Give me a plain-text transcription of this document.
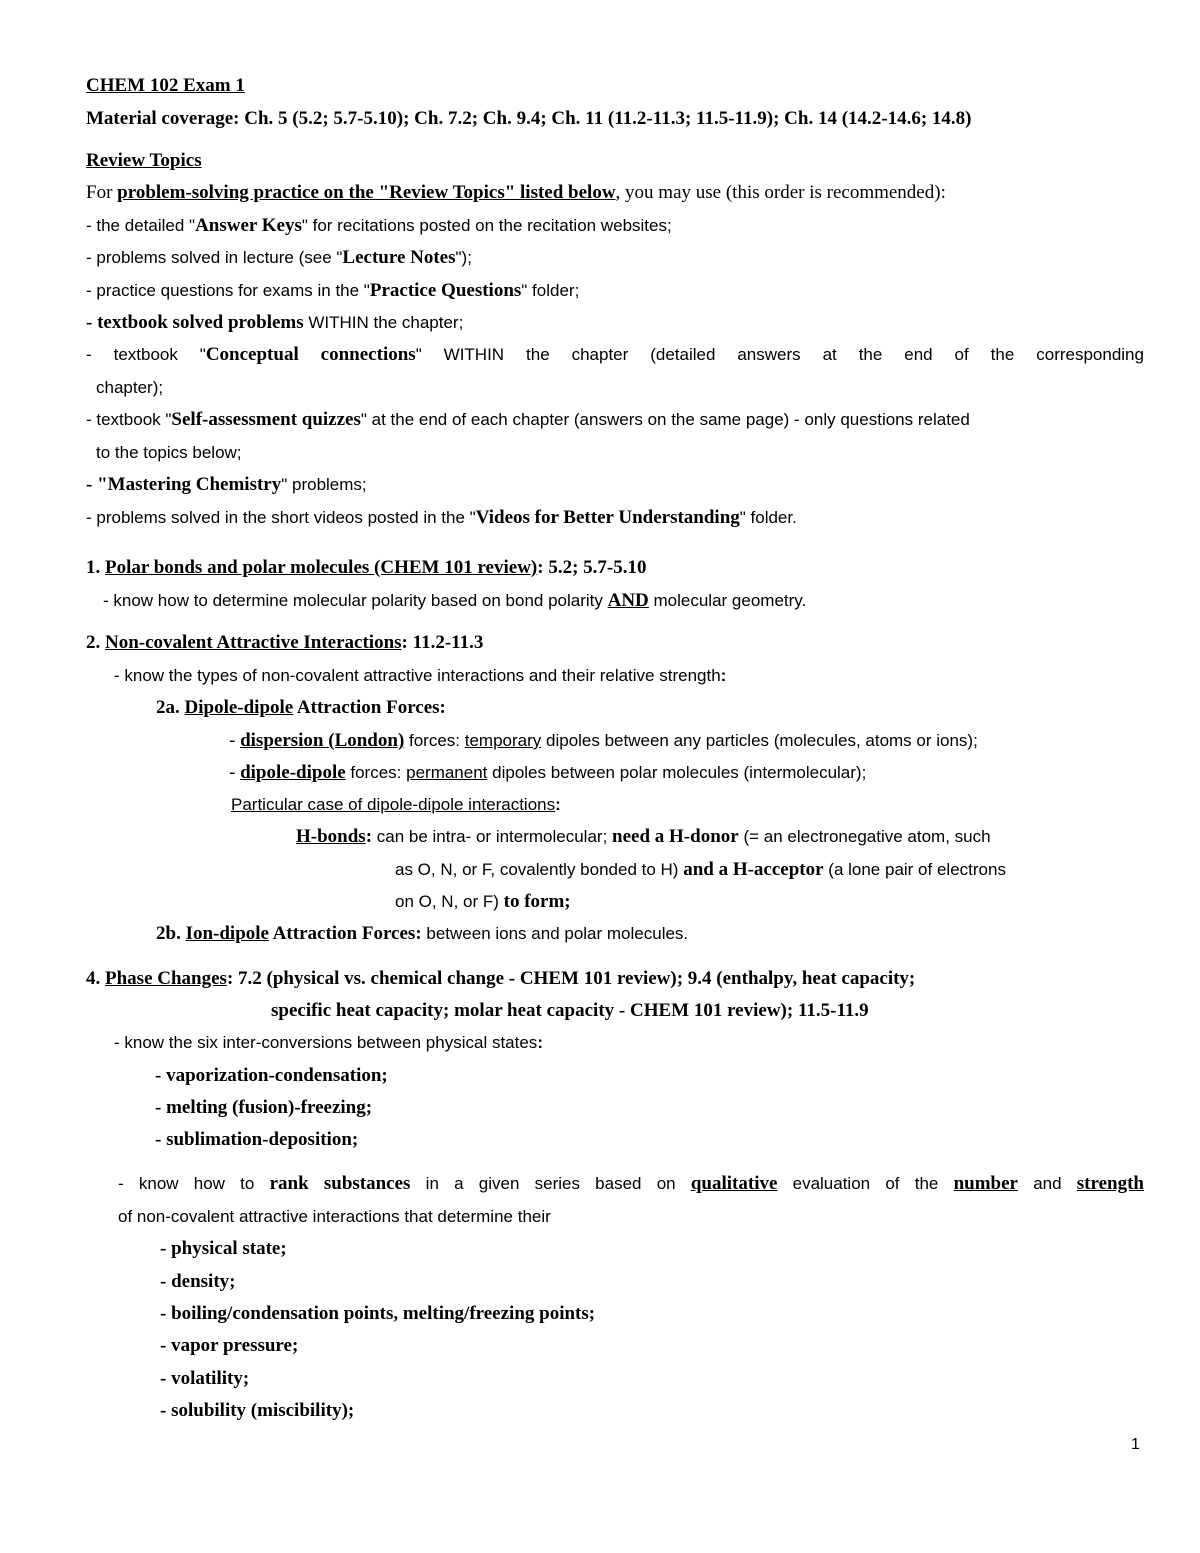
CHEM 102 Exam 1
Material coverage: Ch. 5 (5.2; 5.7-5.10); Ch. 7.2; Ch. 9.4; Ch. 11 (11.2-11.3; 11.5-11.9); Ch. 14 (14.2-14.6; 14.8)
Review Topics
For problem-solving practice on the "Review Topics" listed below, you may use (this order is recommended):
- the detailed "Answer Keys" for recitations posted on the recitation websites;
- problems solved in lecture (see "Lecture Notes");
- practice questions for exams in the "Practice Questions" folder;
- textbook solved problems WITHIN the chapter;
- textbook "Conceptual connections" WITHIN the chapter (detailed answers at the end of the corresponding
chapter);
- textbook "Self-assessment quizzes" at the end of each chapter (answers on the same page) - only questions related
to the topics below;
- "Mastering Chemistry" problems;
- problems solved in the short videos posted in the "Videos for Better Understanding" folder.
1. Polar bonds and polar molecules (CHEM 101 review): 5.2; 5.7-5.10
- know how to determine molecular polarity based on bond polarity AND molecular geometry.
2. Non-covalent Attractive Interactions: 11.2-11.3
- know the types of non-covalent attractive interactions and their relative strength:
2a. Dipole-dipole Attraction Forces:
- dispersion (London) forces: temporary dipoles between any particles (molecules, atoms or ions);
- dipole-dipole forces: permanent dipoles between polar molecules (intermolecular);
Particular case of dipole-dipole interactions:
H-bonds: can be intra- or intermolecular; need a H-donor (= an electronegative atom, such
as O, N, or F, covalently bonded to H) and a H-acceptor (a lone pair of electrons
on O, N, or F) to form;
2b. Ion-dipole Attraction Forces: between ions and polar molecules.
4. Phase Changes: 7.2 (physical vs. chemical change - CHEM 101 review); 9.4 (enthalpy, heat capacity;
specific heat capacity; molar heat capacity - CHEM 101 review); 11.5-11.9
- know the six inter-conversions between physical states:
- vaporization-condensation;
- melting (fusion)-freezing;
- sublimation-deposition;
- know how to rank substances in a given series based on qualitative evaluation of the number and strength
of non-covalent attractive interactions that determine their
- physical state;
- density;
- boiling/condensation points, melting/freezing points;
- vapor pressure;
- volatility;
- solubility (miscibility);
1
